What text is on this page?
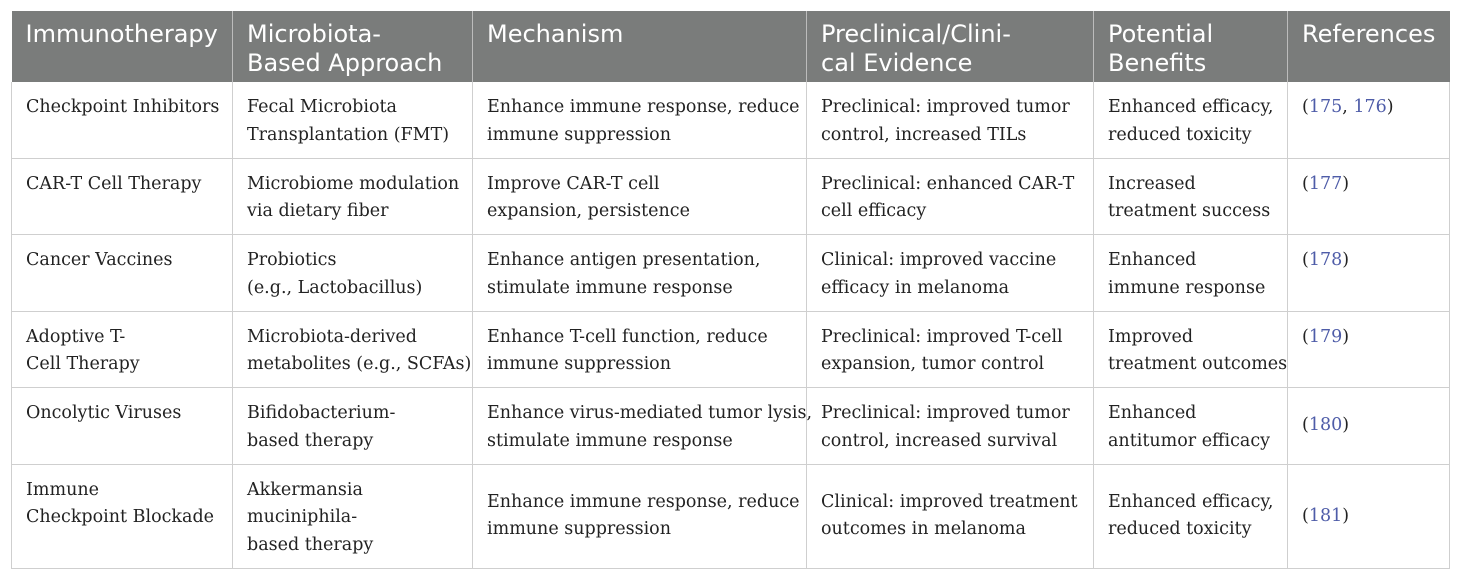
Immunotherapy	Microbiota-
Based Approach	Mechanism	Preclinical/Clini-
cal Evidence	Potential
Benefits	References

Checkpoint Inhibitors	Fecal Microbiota
Transplantation (FMT)	Enhance immune response, reduce
immune suppression	Preclinical: improved tumor
control, increased TILs	Enhanced efficacy,
reduced toxicity	(175, 176)

CAR-T Cell Therapy	Microbiome modulation
via dietary fiber	Improve CAR-T cell
expansion, persistence	Preclinical: enhanced CAR-T
cell efficacy	Increased
treatment success	(177)

Cancer Vaccines	Probiotics
(e.g., Lactobacillus)	Enhance antigen presentation,
stimulate immune response	Clinical: improved vaccine
efficacy in melanoma	Enhanced
immune response	(178)

Adoptive T-
Cell Therapy	Microbiota-derived
metabolites (e.g., SCFAs)	Enhance T-cell function, reduce
immune suppression	Preclinical: improved T-cell
expansion, tumor control	Improved
treatment outcomes	(179)

Oncolytic Viruses	Bifidobacterium-
based therapy	Enhance virus-mediated tumor lysis,
stimulate immune response	Preclinical: improved tumor
control, increased survival	Enhanced
antitumor efficacy	(180)

Immune
Checkpoint Blockade	Akkermansia
muciniphila-
based therapy	Enhance immune response, reduce
immune suppression	Clinical: improved treatment
outcomes in melanoma	Enhanced efficacy,
reduced toxicity	(181)
